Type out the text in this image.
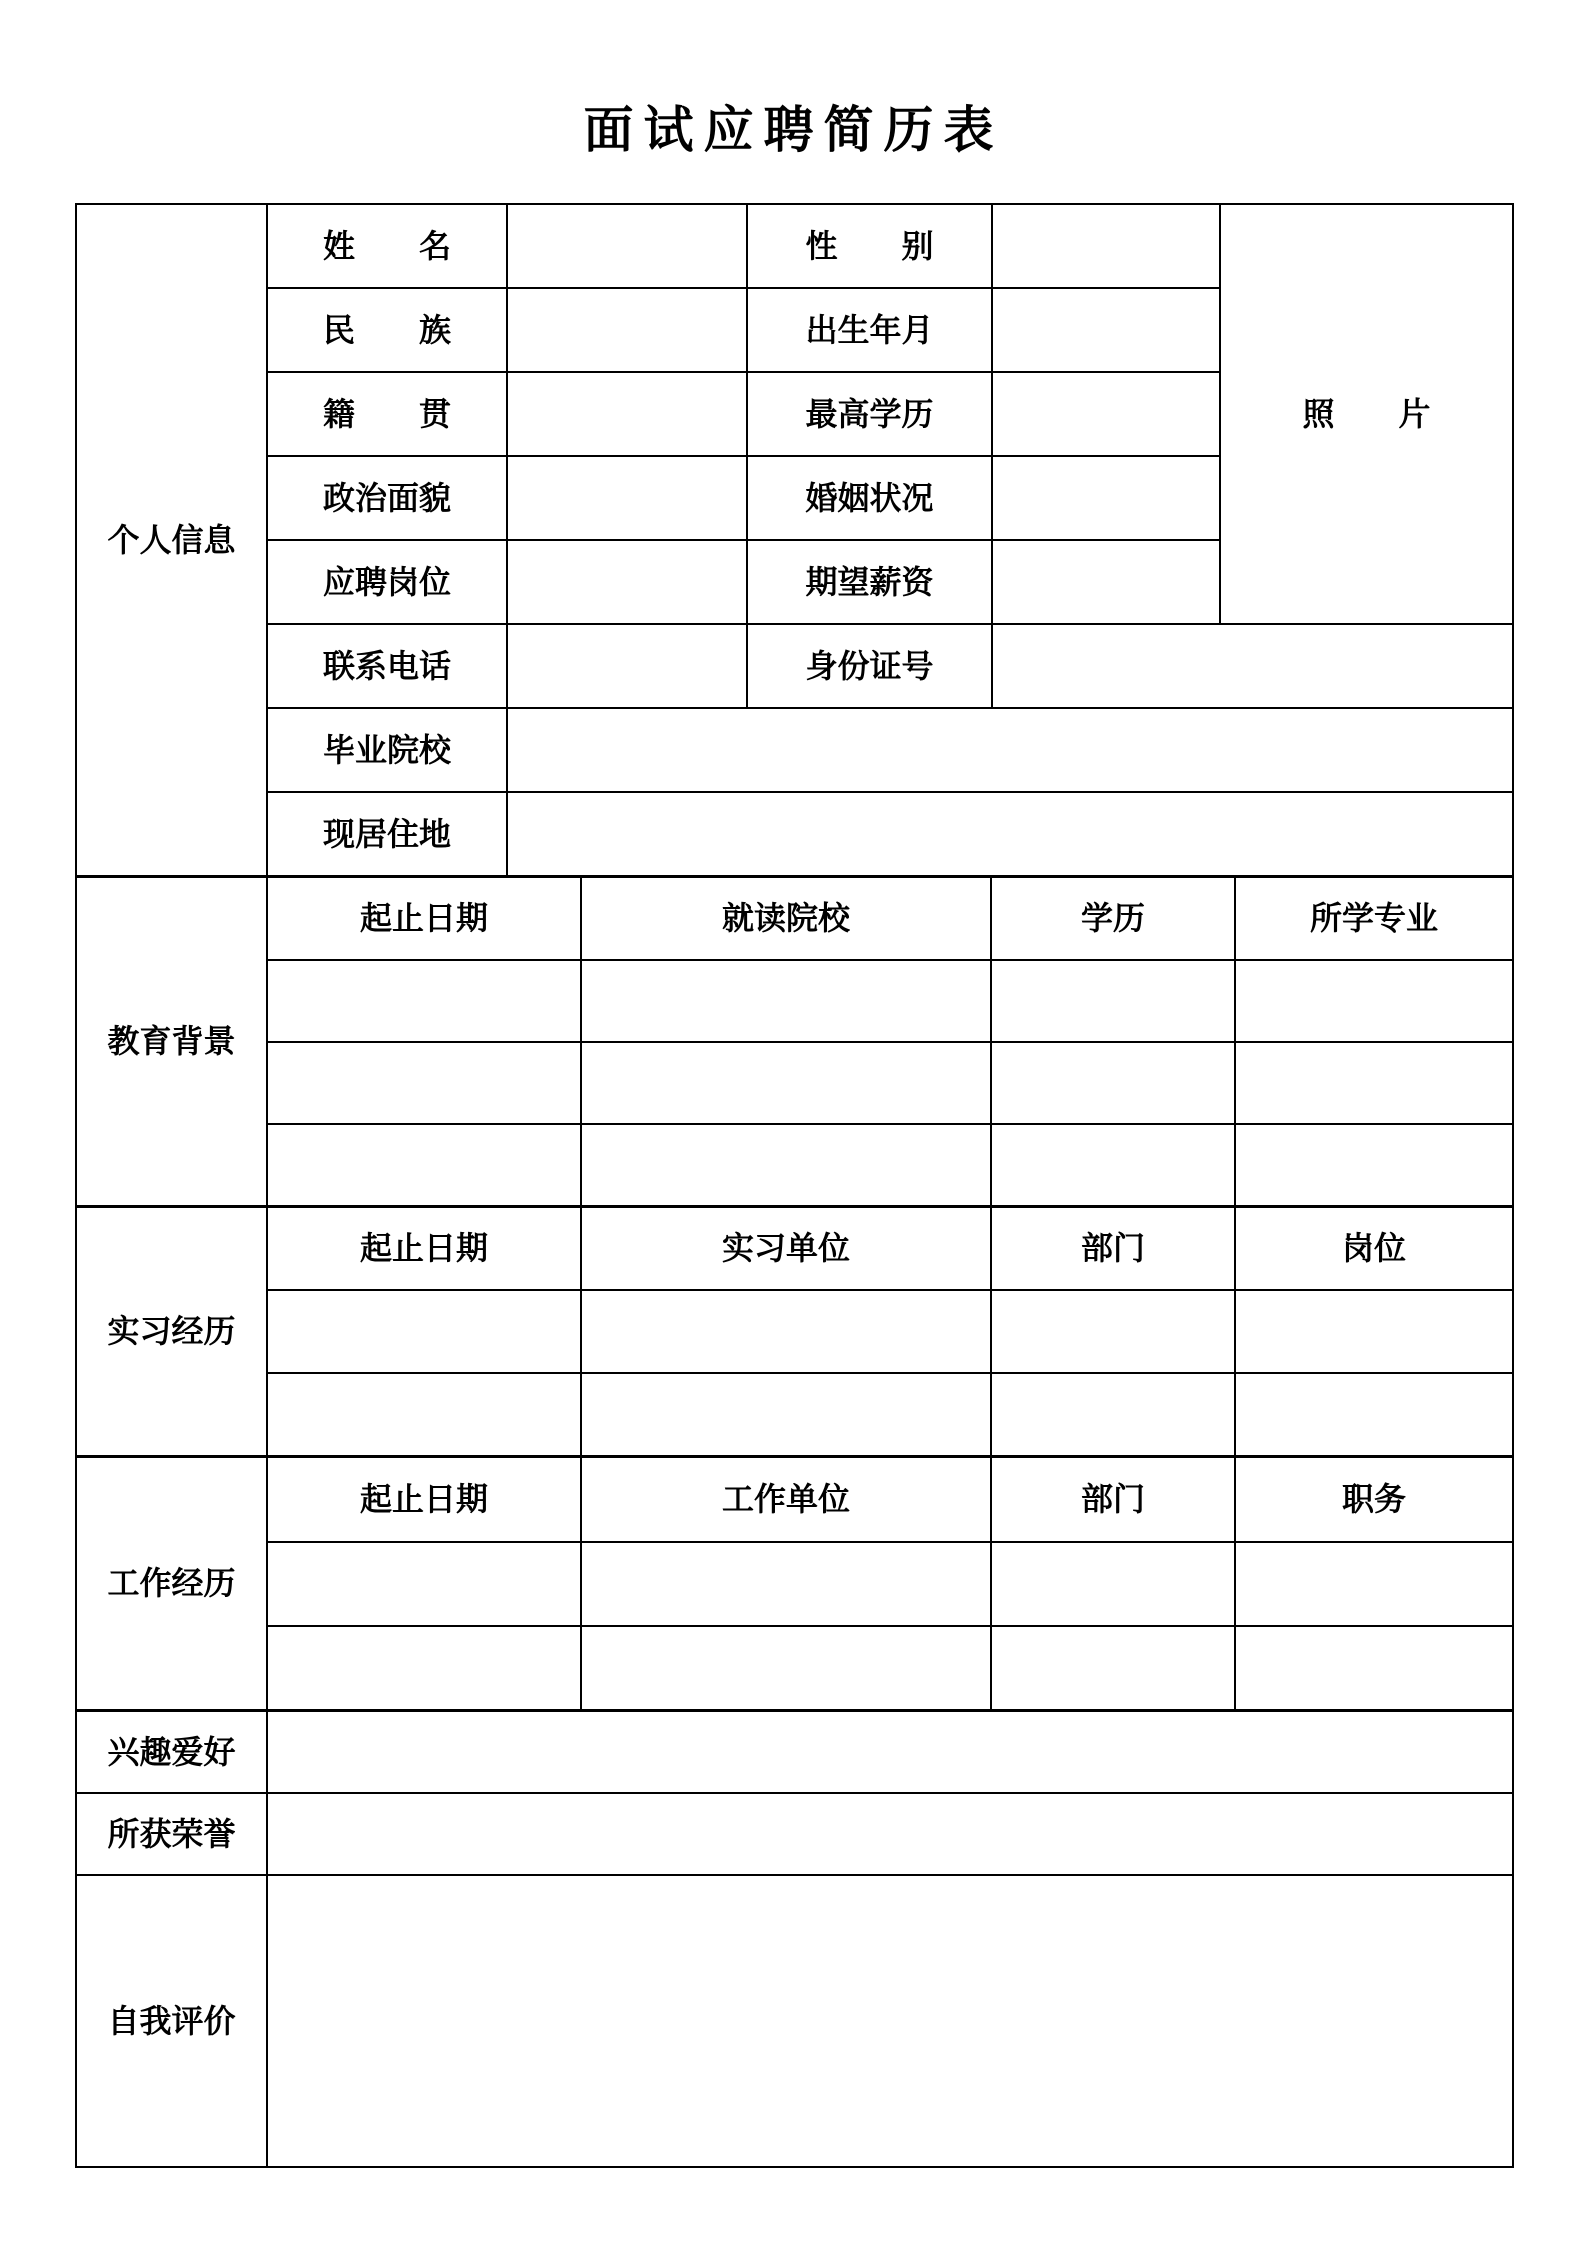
面试应聘简历表
个人信息	姓名		性别		照片
	民族		出生年月		
	籍贯		最高学历		
	政治面貌		婚姻状况		
	应聘岗位		期望薪资		
	联系电话		身份证号		
	毕业院校				
	现居住地				
教育背景	起止日期	就读院校	学历	所学专业

实习经历	起止日期	实习单位	部门	岗位

工作经历	起止日期	工作单位	部门	职务

兴趣爱好	
所获荣誉	
自我评价	
